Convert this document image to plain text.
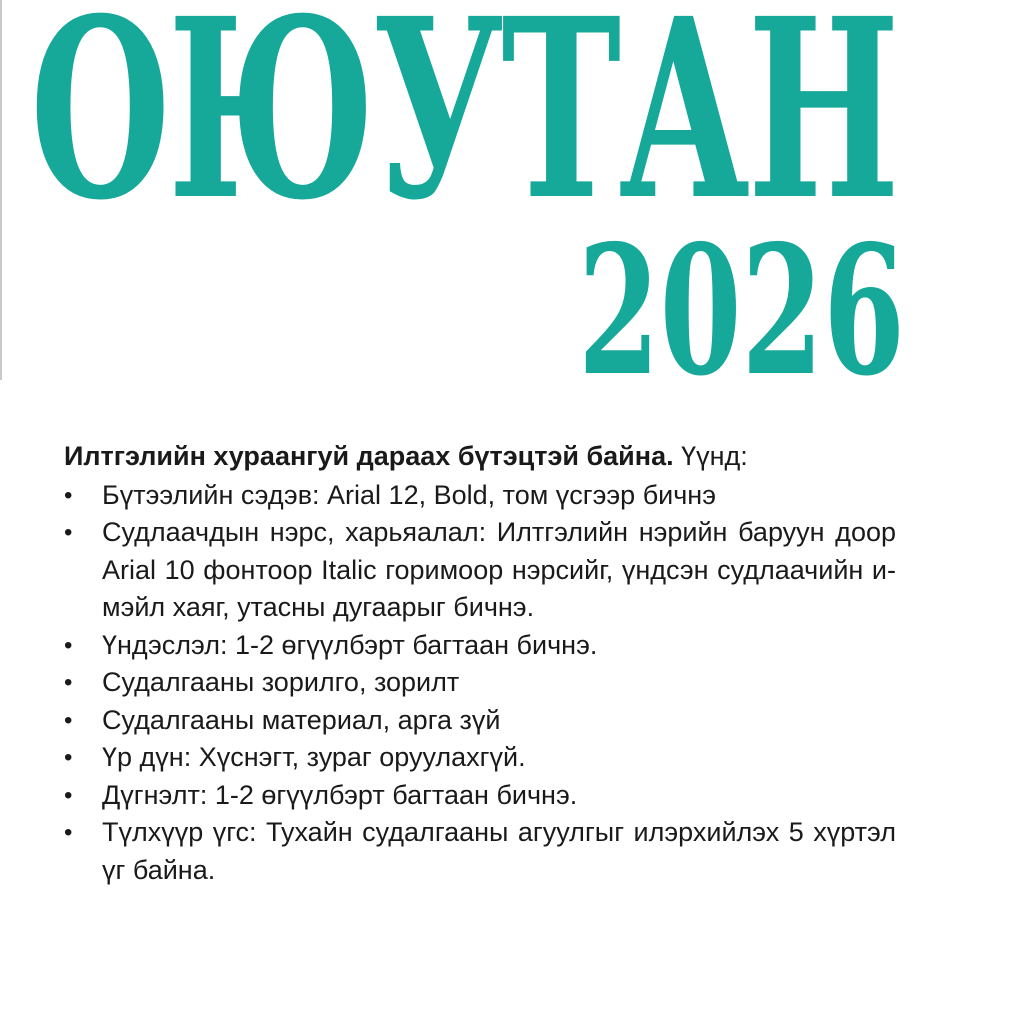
ОЮУТАН
2026

Илтгэлийн хураангуй дараах бүтэцтэй байна. Үүнд:

•	Бүтээлийн сэдэв: Arial 12, Bold, том үсгээр бичнэ
•	Судлаачдын нэрс, харьяалал: Илтгэлийн нэрийн баруун доор Arial 10 фонтоор Italic горимоор нэрсийг, үндсэн судлаачийн и-мэйл хаяг, утасны дугаарыг бичнэ.
•	Үндэслэл: 1-2 өгүүлбэрт багтаан бичнэ.
•	Судалгааны зорилго, зорилт
•	Судалгааны материал, арга зүй
•	Үр дүн: Хүснэгт, зураг оруулахгүй.
•	Дүгнэлт: 1-2 өгүүлбэрт багтаан бичнэ.
•	Түлхүүр үгс: Тухайн судалгааны агуулгыг илэрхийлэх 5 хүртэл үг байна.
